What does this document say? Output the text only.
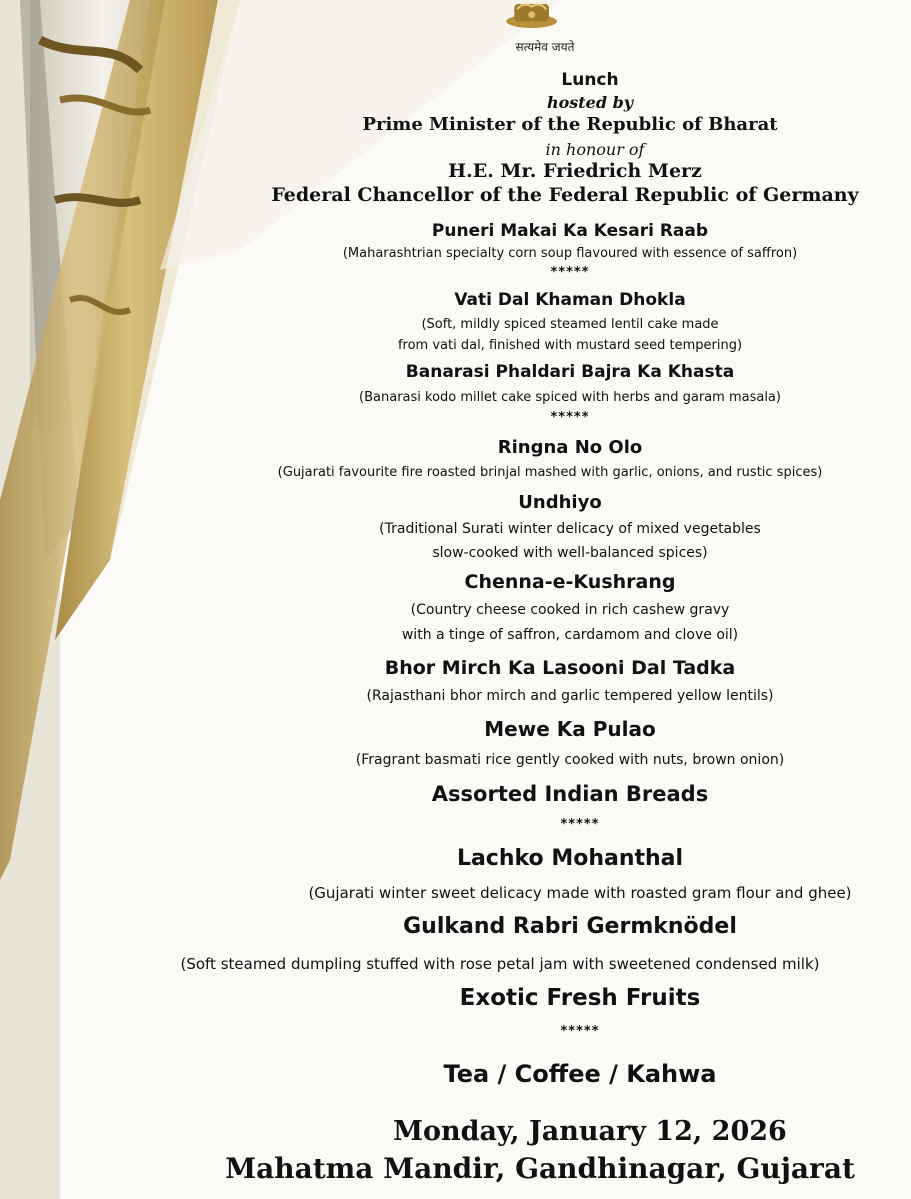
सत्यमेव जयते
Lunch
hosted by
Prime Minister of the Republic of Bharat
in honour of
H.E. Mr. Friedrich Merz
Federal Chancellor of the Federal Republic of Germany
Puneri Makai Ka Kesari Raab
(Maharashtrian specialty corn soup flavoured with essence of saffron)
*****
Vati Dal Khaman Dhokla
(Soft, mildly spiced steamed lentil cake made
from vati dal, finished with mustard seed tempering)
Banarasi Phaldari Bajra Ka Khasta
(Banarasi kodo millet cake spiced with herbs and garam masala)
*****
Ringna No Olo
(Gujarati favourite fire roasted brinjal mashed with garlic, onions, and rustic spices)
Undhiyo
(Traditional Surati winter delicacy of mixed vegetables
slow-cooked with well-balanced spices)
Chenna-e-Kushrang
(Country cheese cooked in rich cashew gravy
with a tinge of saffron, cardamom and clove oil)
Bhor Mirch Ka Lasooni Dal Tadka
(Rajasthani bhor mirch and garlic tempered yellow lentils)
Mewe Ka Pulao
(Fragrant basmati rice gently cooked with nuts, brown onion)
Assorted Indian Breads
*****
Lachko Mohanthal
(Gujarati winter sweet delicacy made with roasted gram flour and ghee)
Gulkand Rabri Germknödel
(Soft steamed dumpling stuffed with rose petal jam with sweetened condensed milk)
Exotic Fresh Fruits
*****
Tea / Coffee / Kahwa
Monday, January 12, 2026
Mahatma Mandir, Gandhinagar, Gujarat
